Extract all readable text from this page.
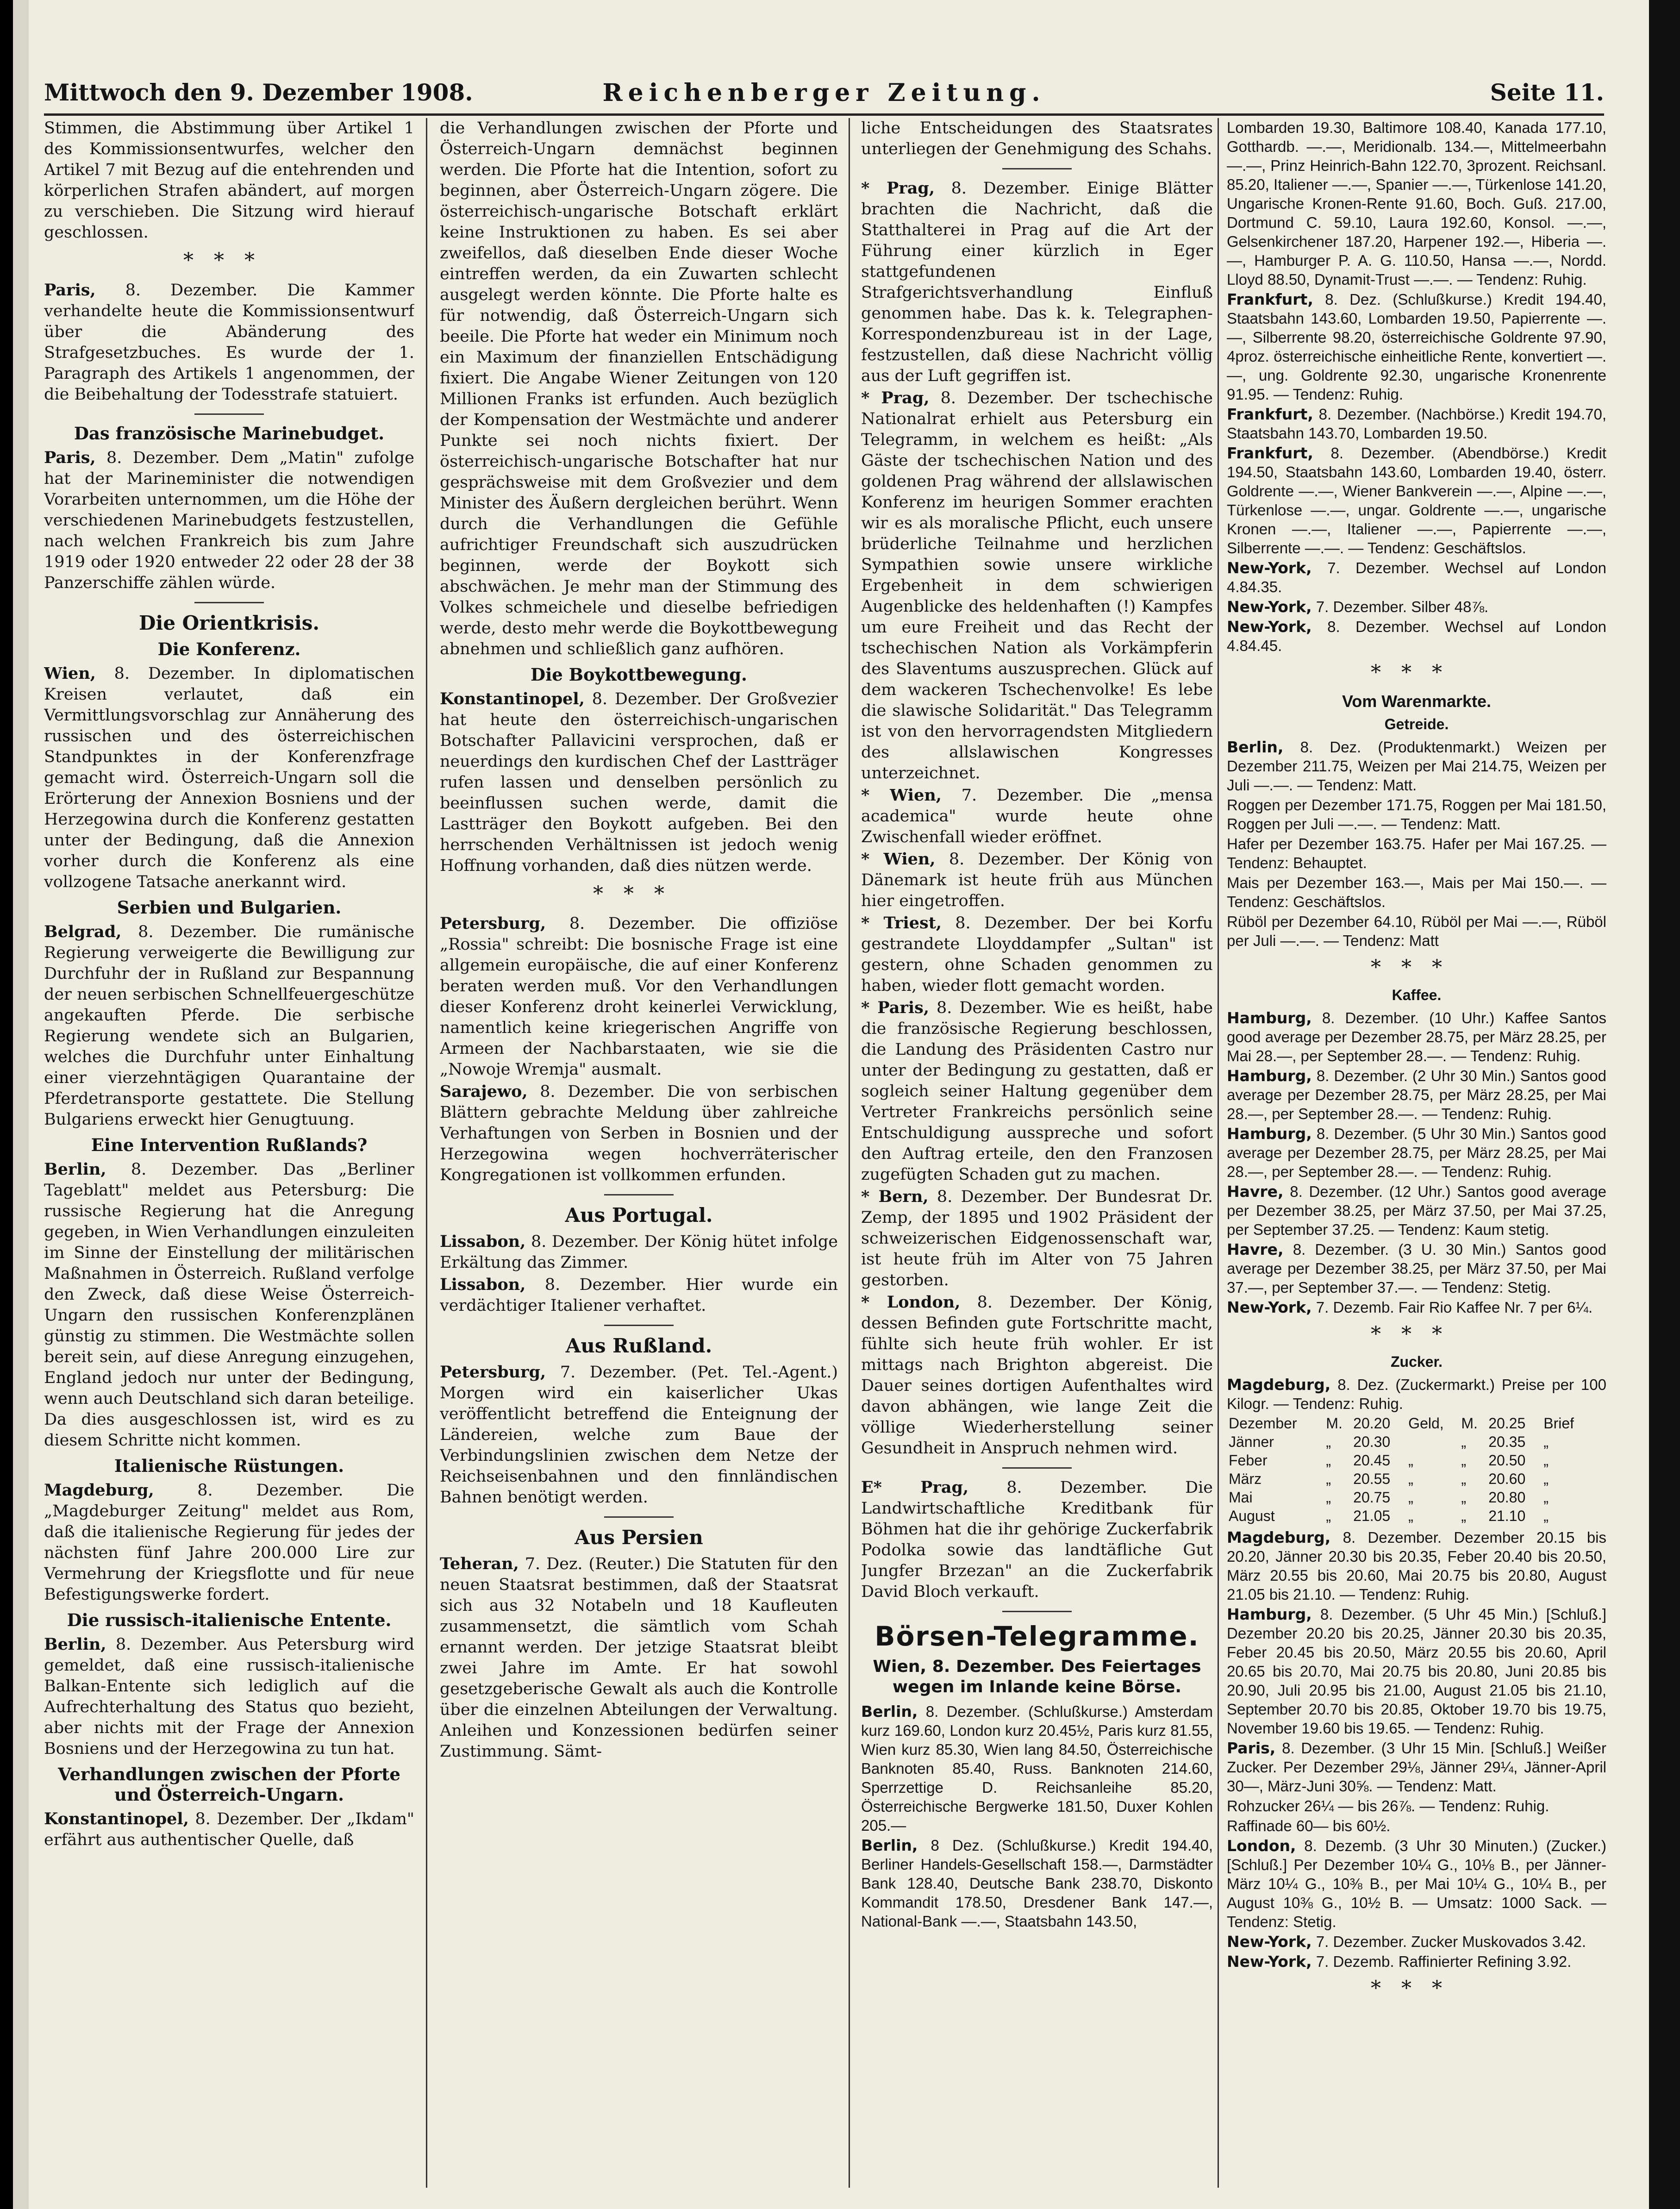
Mittwoch den 9. Dezember 1908.	Reichenberger Zeitung.	Seite 11.

Stimmen, die Abstimmung über Artikel 1 des Kommissionsentwurfes, welcher den Artikel 7 mit Bezug auf die entehrenden und körperlichen Strafen abändert, auf morgen zu verschieben. Die Sitzung wird hierauf geschlossen.

***

Paris, 8. Dezember. Die Kammer verhandelte heute die Kommissionsentwurf über die Abänderung des Strafgesetzbuches. Es wurde der 1. Paragraph des Artikels 1 angenommen, der die Beibehaltung der Todesstrafe statuiert.

Das französische Marinebudget.

Paris, 8. Dezember. Dem „Matin" zufolge hat der Marineminister die notwendigen Vorarbeiten unternommen, um die Höhe der verschiedenen Marinebudgets festzustellen, nach welchen Frankreich bis zum Jahre 1919 oder 1920 entweder 22 oder 28 der 38 Panzerschiffe zählen würde.

Die Orientkrisis.
Die Konferenz.

Wien, 8. Dezember. In diplomatischen Kreisen verlautet, daß ein Vermittlungsvorschlag zur Annäherung des russischen und des österreichischen Standpunktes in der Konferenzfrage gemacht wird. Österreich-Ungarn soll die Erörterung der Annexion Bosniens und der Herzegowina durch die Konferenz gestatten unter der Bedingung, daß die Annexion vorher durch die Konferenz als eine vollzogene Tatsache anerkannt wird.

Serbien und Bulgarien.

Belgrad, 8. Dezember. Die rumänische Regierung verweigerte die Bewilligung zur Durchfuhr der in Rußland zur Bespannung der neuen serbischen Schnellfeuergeschütze angekauften Pferde. Die serbische Regierung wendete sich an Bulgarien, welches die Durchfuhr unter Einhaltung einer vierzehntägigen Quarantaine der Pferdetransporte gestattete. Die Stellung Bulgariens erweckt hier Genugtuung.

Eine Intervention Rußlands?

Berlin, 8. Dezember. Das „Berliner Tageblatt" meldet aus Petersburg: Die russische Regierung hat die Anregung gegeben, in Wien Verhandlungen einzuleiten im Sinne der Einstellung der militärischen Maßnahmen in Österreich. Rußland verfolge den Zweck, daß diese Weise Österreich-Ungarn den russischen Konferenzplänen günstig zu stimmen. Die Westmächte sollen bereit sein, auf diese Anregung einzugehen, England jedoch nur unter der Bedingung, wenn auch Deutschland sich daran beteilige. Da dies ausgeschlossen ist, wird es zu diesem Schritte nicht kommen.

Italienische Rüstungen.

Magdeburg, 8. Dezember. Die „Magdeburger Zeitung" meldet aus Rom, daß die italienische Regierung für jedes der nächsten fünf Jahre 200.000 Lire zur Vermehrung der Kriegsflotte und für neue Befestigungswerke fordert.

Die russisch-italienische Entente.

Berlin, 8. Dezember. Aus Petersburg wird gemeldet, daß eine russisch-italienische Balkan-Entente sich lediglich auf die Aufrechterhaltung des Status quo bezieht, aber nichts mit der Frage der Annexion Bosniens und der Herzegowina zu tun hat.

Verhandlungen zwischen der Pforte und Österreich-Ungarn.

Konstantinopel, 8. Dezember. Der „Ikdam" erfährt aus authentischer Quelle, daß

die Verhandlungen zwischen der Pforte und Österreich-Ungarn demnächst beginnen werden. Die Pforte hat die Intention, sofort zu beginnen, aber Österreich-Ungarn zögere. Die österreichisch-ungarische Botschaft erklärt keine Instruktionen zu haben. Es sei aber zweifellos, daß dieselben Ende dieser Woche eintreffen werden, da ein Zuwarten schlecht ausgelegt werden könnte. Die Pforte halte es für notwendig, daß Österreich-Ungarn sich beeile. Die Pforte hat weder ein Minimum noch ein Maximum der finanziellen Entschädigung fixiert. Die Angabe Wiener Zeitungen von 120 Millionen Franks ist erfunden. Auch bezüglich der Kompensation der Westmächte und anderer Punkte sei noch nichts fixiert. Der österreichisch-ungarische Botschafter hat nur gesprächsweise mit dem Großvezier und dem Minister des Äußern dergleichen berührt. Wenn durch die Verhandlungen die Gefühle aufrichtiger Freundschaft sich auszudrücken beginnen, werde der Boykott sich abschwächen. Je mehr man der Stimmung des Volkes schmeichele und dieselbe befriedigen werde, desto mehr werde die Boykottbewegung abnehmen und schließlich ganz aufhören.

Die Boykottbewegung.

Konstantinopel, 8. Dezember. Der Großvezier hat heute den österreichisch-ungarischen Botschafter Pallavicini versprochen, daß er neuerdings den kurdischen Chef der Lastträger rufen lassen und denselben persönlich zu beeinflussen suchen werde, damit die Lastträger den Boykott aufgeben. Bei den herrschenden Verhältnissen ist jedoch wenig Hoffnung vorhanden, daß dies nützen werde.

***

Petersburg, 8. Dezember. Die offiziöse „Rossia" schreibt: Die bosnische Frage ist eine allgemein europäische, die auf einer Konferenz beraten werden muß. Vor den Verhandlungen dieser Konferenz droht keinerlei Verwicklung, namentlich keine kriegerischen Angriffe von Armeen der Nachbarstaaten, wie sie die „Nowoje Wremja" ausmalt.

Sarajewo, 8. Dezember. Die von serbischen Blättern gebrachte Meldung über zahlreiche Verhaftungen von Serben in Bosnien und der Herzegowina wegen hochverräterischer Kongregationen ist vollkommen erfunden.

Aus Portugal.

Lissabon, 8. Dezember. Der König hütet infolge Erkältung das Zimmer.

Lissabon, 8. Dezember. Hier wurde ein verdächtiger Italiener verhaftet.

Aus Rußland.

Petersburg, 7. Dezember. (Pet. Tel.-Agent.) Morgen wird ein kaiserlicher Ukas veröffentlicht betreffend die Enteignung der Ländereien, welche zum Baue der Verbindungslinien zwischen dem Netze der Reichseisenbahnen und den finnländischen Bahnen benötigt werden.

Aus Persien

Teheran, 7. Dez. (Reuter.) Die Statuten für den neuen Staatsrat bestimmen, daß der Staatsrat sich aus 32 Notabeln und 18 Kaufleuten zusammensetzt, die sämtlich vom Schah ernannt werden. Der jetzige Staatsrat bleibt zwei Jahre im Amte. Er hat sowohl gesetzgeberische Gewalt als auch die Kontrolle über die einzelnen Abteilungen der Verwaltung. Anleihen und Konzessionen bedürfen seiner Zustimmung. Sämt-

liche Entscheidungen des Staatsrates unterliegen der Genehmigung des Schahs.

* Prag, 8. Dezember. Einige Blätter brachten die Nachricht, daß die Statthalterei in Prag auf die Art der Führung einer kürzlich in Eger stattgefundenen Strafgerichtsverhandlung Einfluß genommen habe. Das k. k. Telegraphen-Korrespondenzbureau ist in der Lage, festzustellen, daß diese Nachricht völlig aus der Luft gegriffen ist.

* Prag, 8. Dezember. Der tschechische Nationalrat erhielt aus Petersburg ein Telegramm, in welchem es heißt: „Als Gäste der tschechischen Nation und des goldenen Prag während der allslawischen Konferenz im heurigen Sommer erachten wir es als moralische Pflicht, euch unsere brüderliche Teilnahme und herzlichen Sympathien sowie unsere wirkliche Ergebenheit in dem schwierigen Augenblicke des heldenhaften (!) Kampfes um eure Freiheit und das Recht der tschechischen Nation als Vorkämpferin des Slaventums auszusprechen. Glück auf dem wackeren Tschechenvolke! Es lebe die slawische Solidarität." Das Telegramm ist von den hervorragendsten Mitgliedern des allslawischen Kongresses unterzeichnet.

* Wien, 7. Dezember. Die „mensa academica" wurde heute ohne Zwischenfall wieder eröffnet.

* Wien, 8. Dezember. Der König von Dänemark ist heute früh aus München hier eingetroffen.

* Triest, 8. Dezember. Der bei Korfu gestrandete Lloyddampfer „Sultan" ist gestern, ohne Schaden genommen zu haben, wieder flott gemacht worden.

* Paris, 8. Dezember. Wie es heißt, habe die französische Regierung beschlossen, die Landung des Präsidenten Castro nur unter der Bedingung zu gestatten, daß er sogleich seiner Haltung gegenüber dem Vertreter Frankreichs persönlich seine Entschuldigung ausspreche und sofort den Auftrag erteile, den den Franzosen zugefügten Schaden gut zu machen.

* Bern, 8. Dezember. Der Bundesrat Dr. Zemp, der 1895 und 1902 Präsident der schweizerischen Eidgenossenschaft war, ist heute früh im Alter von 75 Jahren gestorben.

* London, 8. Dezember. Der König, dessen Befinden gute Fortschritte macht, fühlte sich heute früh wohler. Er ist mittags nach Brighton abgereist. Die Dauer seines dortigen Aufenthaltes wird davon abhängen, wie lange Zeit die völlige Wiederherstellung seiner Gesundheit in Anspruch nehmen wird.

E* Prag, 8. Dezember. Die Landwirtschaftliche Kreditbank für Böhmen hat die ihr gehörige Zuckerfabrik Podolka sowie das landtäfliche Gut Jungfer Brzezan" an die Zuckerfabrik David Bloch verkauft.

Börsen-Telegramme.
Wien, 8. Dezember. Des Feiertages wegen im Inlande keine Börse.

Berlin, 8. Dezember. (Schlußkurse.) Amsterdam kurz 169.60, London kurz 20.45½, Paris kurz 81.55, Wien kurz 85.30, Wien lang 84.50, Österreichische Banknoten 85.40, Russ. Banknoten 214.60, Sperrzettige D. Reichsanleihe 85.20, Österreichische Bergwerke 181.50, Duxer Kohlen 205.—

Berlin, 8 Dez. (Schlußkurse.) Kredit 194.40, Berliner Handels-Gesellschaft 158.—, Darmstädter Bank 128.40, Deutsche Bank 238.70, Diskonto Kommandit 178.50, Dresdener Bank 147.—, National-Bank —.—, Staatsbahn 143.50,

Lombarden 19.30, Baltimore 108.40, Kanada 177.10, Gotthardb. —.—, Meridionalb. 134.—, Mittelmeerbahn —.—, Prinz Heinrich-Bahn 122.70, 3prozent. Reichsanl. 85.20, Italiener —.—, Spanier —.—, Türkenlose 141.20, Ungarische Kronen-Rente 91.60, Boch. Guß. 217.00, Dortmund C. 59.10, Laura 192.60, Konsol. —.—, Gelsenkirchener 187.20, Harpener 192.—, Hiberia —.—, Hamburger P. A. G. 110.50, Hansa —.—, Nordd. Lloyd 88.50, Dynamit-Trust —.—. — Tendenz: Ruhig.

Frankfurt, 8. Dez. (Schlußkurse.) Kredit 194.40, Staatsbahn 143.60, Lombarden 19.50, Papierrente —.—, Silberrente 98.20, österreichische Goldrente 97.90, 4proz. österreichische einheitliche Rente, konvertiert —.—, ung. Goldrente 92.30, ungarische Kronenrente 91.95. — Tendenz: Ruhig.

Frankfurt, 8. Dezember. (Nachbörse.) Kredit 194.70, Staatsbahn 143.70, Lombarden 19.50.

Frankfurt, 8. Dezember. (Abendbörse.) Kredit 194.50, Staatsbahn 143.60, Lombarden 19.40, österr. Goldrente —.—, Wiener Bankverein —.—, Alpine —.—, Türkenlose —.—, ungar. Goldrente —.—, ungarische Kronen —.—, Italiener —.—, Papierrente —.—, Silberrente —.—. — Tendenz: Geschäftslos.

New-York, 7. Dezember. Wechsel auf London 4.84.35.

New-York, 7. Dezember. Silber 48⅞.

New-York, 8. Dezember. Wechsel auf London 4.84.45.

***
Vom Warenmarkte.
Getreide.

Berlin, 8. Dez. (Produktenmarkt.) Weizen per Dezember 211.75, Weizen per Mai 214.75, Weizen per Juli —.—. — Tendenz: Matt.

Roggen per Dezember 171.75, Roggen per Mai 181.50, Roggen per Juli —.—. — Tendenz: Matt.

Hafer per Dezember 163.75. Hafer per Mai 167.25. — Tendenz: Behauptet.

Mais per Dezember 163.—, Mais per Mai 150.—. — Tendenz: Geschäftslos.

Rüböl per Dezember 64.10, Rüböl per Mai —.—, Rüböl per Juli —.—. — Tendenz: Matt

***
Kaffee.

Hamburg, 8. Dezember. (10 Uhr.) Kaffee Santos good average per Dezember 28.75, per März 28.25, per Mai 28.—, per September 28.—. — Tendenz: Ruhig.

Hamburg, 8. Dezember. (2 Uhr 30 Min.) Santos good average per Dezember 28.75, per März 28.25, per Mai 28.—, per September 28.—. — Tendenz: Ruhig.

Hamburg, 8. Dezember. (5 Uhr 30 Min.) Santos good average per Dezember 28.75, per März 28.25, per Mai 28.—, per September 28.—. — Tendenz: Ruhig.

Havre, 8. Dezember. (12 Uhr.) Santos good average per Dezember 38.25, per März 37.50, per Mai 37.25, per September 37.25. — Tendenz: Kaum stetig.

Havre, 8. Dezember. (3 U. 30 Min.) Santos good average per Dezember 38.25, per März 37.50, per Mai 37.—, per September 37.—. — Tendenz: Stetig.

New-York, 7. Dezemb. Fair Rio Kaffee Nr. 7 per 6¼.

***
Zucker.

Magdeburg, 8. Dez. (Zuckermarkt.) Preise per 100 Kilogr. — Tendenz: Ruhig.

Dezember	M.	20.20	Geld,	M.	20.25	Brief
Jänner	„	20.30		„	20.35	„
Feber	„	20.45	„	„	20.50	„
März	„	20.55	„	„	20.60	„
Mai	„	20.75	„	„	20.80	„
August	„	21.05	„	„	21.10	„

Magdeburg, 8. Dezember. Dezember 20.15 bis 20.20, Jänner 20.30 bis 20.35, Feber 20.40 bis 20.50, März 20.55 bis 20.60, Mai 20.75 bis 20.80, August 21.05 bis 21.10. — Tendenz: Ruhig.

Hamburg, 8. Dezember. (5 Uhr 45 Min.) [Schluß.] Dezember 20.20 bis 20.25, Jänner 20.30 bis 20.35, Feber 20.45 bis 20.50, März 20.55 bis 20.60, April 20.65 bis 20.70, Mai 20.75 bis 20.80, Juni 20.85 bis 20.90, Juli 20.95 bis 21.00, August 21.05 bis 21.10, September 20.70 bis 20.85, Oktober 19.70 bis 19.75, November 19.60 bis 19.65. — Tendenz: Ruhig.

Paris, 8. Dezember. (3 Uhr 15 Min. [Schluß.] Weißer Zucker. Per Dezember 29⅛, Jänner 29¼, Jänner-April 30—, März-Juni 30⅝. — Tendenz: Matt.

Rohzucker 26¼ — bis 26⅞. — Tendenz: Ruhig.

Raffinade 60— bis 60½.

London, 8. Dezemb. (3 Uhr 30 Minuten.) (Zucker.) [Schluß.] Per Dezember 10¼ G., 10⅛ B., per Jänner-März 10¼ G., 10⅜ B., per Mai 10¼ G., 10¼ B., per August 10⅜ G., 10½ B. — Umsatz: 1000 Sack. — Tendenz: Stetig.

New-York, 7. Dezember. Zucker Muskovados 3.42.

New-York, 7. Dezemb. Raffinierter Refining 3.92.

***
